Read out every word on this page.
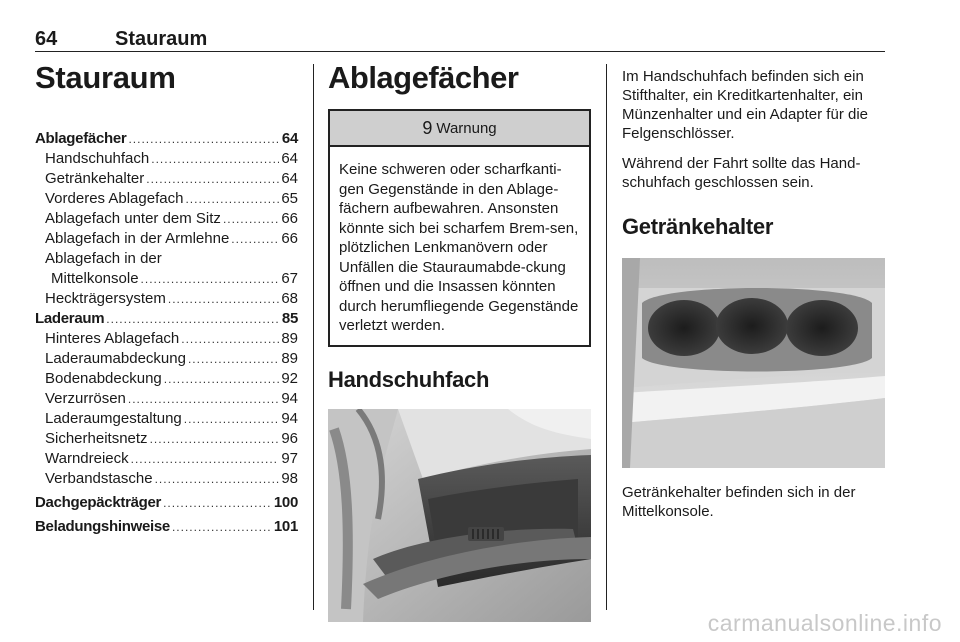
64	Stauraum
Stauraum
Ablagefächer .....	64
Handschuhfach .....	64
Getränkehalter .....	64
Vorderes Ablagefach .....	65
Ablagefach unter dem Sitz .....	66
Ablagefach in der Armlehne .....	66
Ablagefach in der
Mittelkonsole .....	67
Heckträgersystem .....	68
Laderaum .....	85
Hinteres Ablagefach .....	89
Laderaumabdeckung .....	89
Bodenabdeckung .....	92
Verzurrösen .....	94
Laderaumgestaltung .....	94
Sicherheitsnetz .....	96
Warndreieck .....	97
Verbandstasche .....	98
Dachgepäckträger .....	100
Beladungshinweise .....	101
Ablagefächer
9 Warnung
Keine schweren oder scharfkanti-gen Gegenstände in den Ablage-fächern aufbewahren. Ansonsten könnte sich bei scharfem Brem-sen, plötzlichen Lenkmanövern oder Unfällen die Stauraumabde-ckung öffnen und die Insassen könnten durch herumfliegende Gegenstände verletzt werden.
Handschuhfach
Im Handschuhfach befinden sich ein Stifthalter, ein Kreditkartenhalter, ein Münzenhalter und ein Adapter für die Felgenschlösser.
Während der Fahrt sollte das Hand-schuhfach geschlossen sein.
Getränkehalter
Getränkehalter befinden sich in der Mittelkonsole.
carmanualsonline.info
